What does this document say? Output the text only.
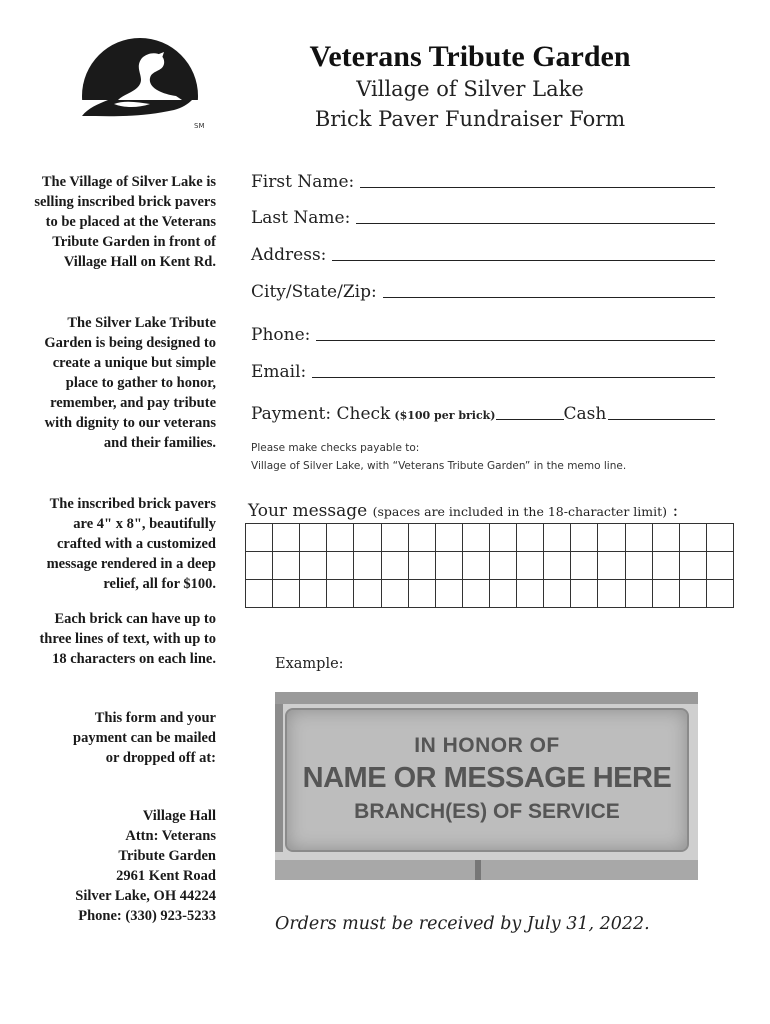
SM
Veterans Tribute Garden
Village of Silver Lake
Brick Paver Fundraiser Form
The Village of Silver Lake is selling inscribed brick pavers to be placed at the Veterans Tribute Garden in front of Village Hall on Kent Rd.
The Silver Lake Tribute Garden is being designed to create a unique but simple place to gather to honor, remember, and pay tribute with dignity to our veterans and their families.
The inscribed brick pavers are 4" x 8", beautifully crafted with a customized message rendered in a deep relief, all for $100.
Each brick can have up to three lines of text, with up to 18 characters on each line.
This form and your payment can be mailed or dropped off at:

Village Hall

Attn: Veterans

Tribute Garden

2961 Kent Road

Silver Lake, OH 44224

Phone: (330) 923-5233

First Name:
Last Name:
Address:
City/State/Zip:
Phone:
Email:
Payment: Check ($100 per brick)	Cash
Please make checks payable to:
Village of Silver Lake, with “Veterans Tribute Garden” in the memo line.
Your message (spaces are included in the 18-character limit) :
Example:
IN HONOR OF
NAME OR MESSAGE HERE
BRANCH(ES) OF SERVICE
Orders must be received by July 31, 2022.
